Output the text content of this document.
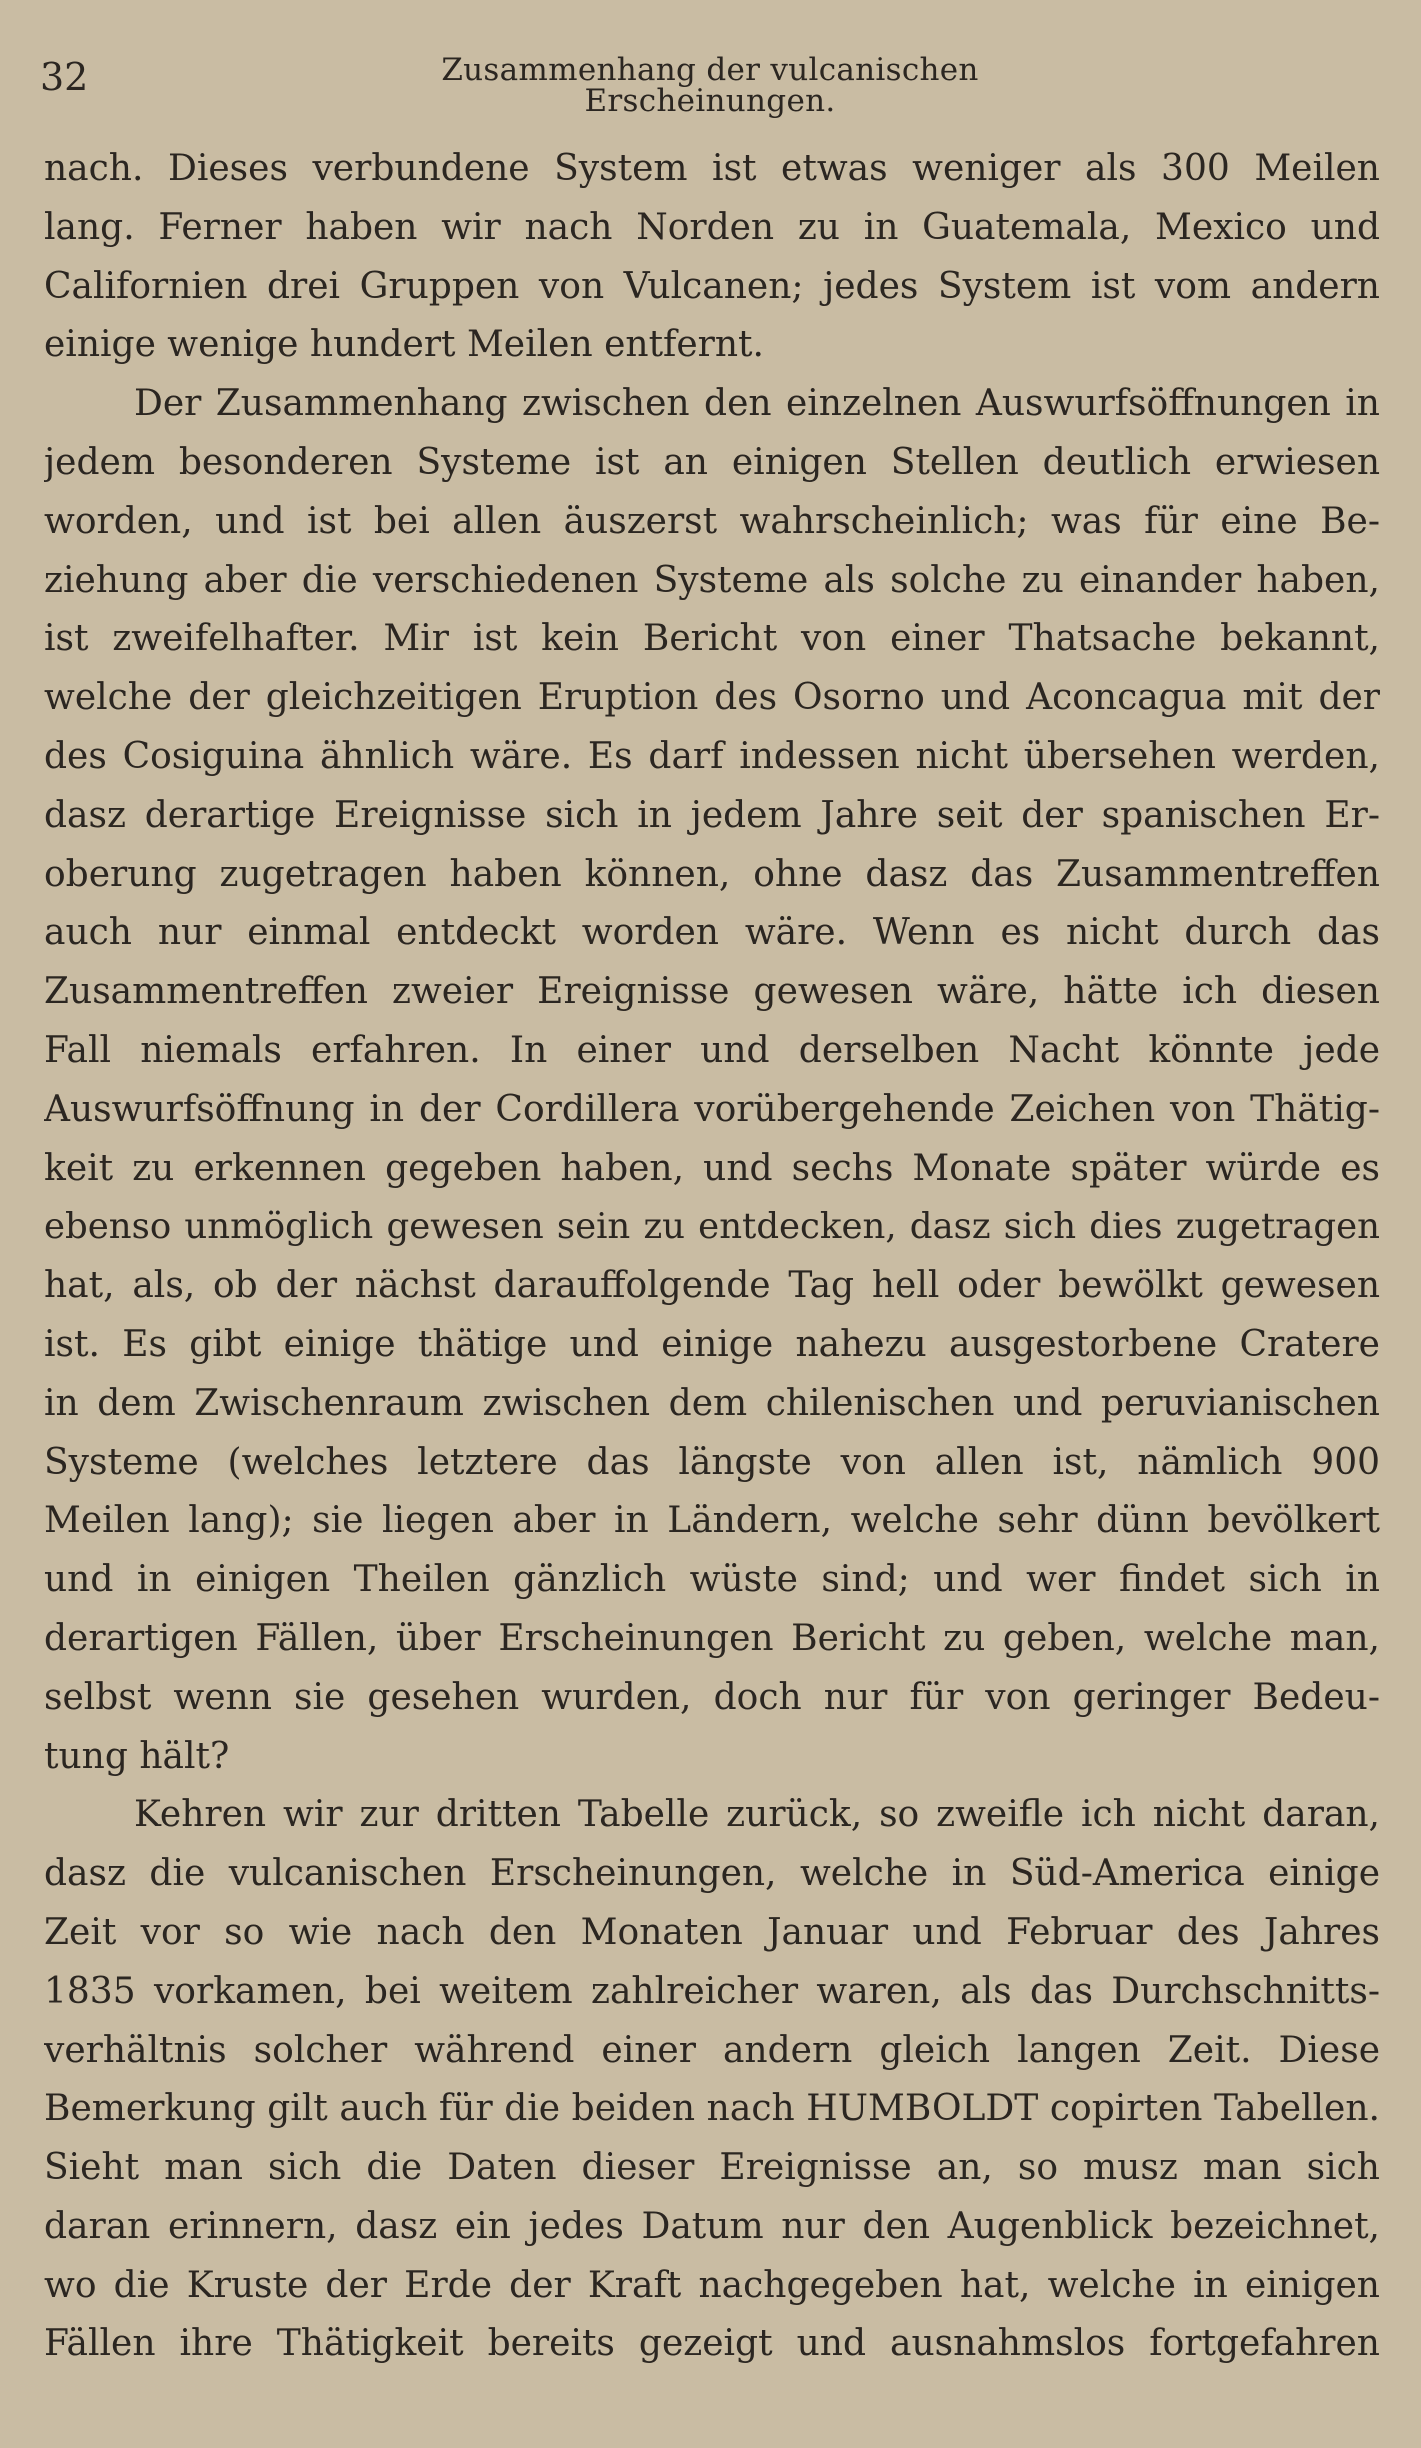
32	Zusammenhang der vulcanischen Erscheinungen.
nach. Dieses verbundene System ist etwas weniger als 300 Meilen
lang. Ferner haben wir nach Norden zu in Guatemala, Mexico und
Californien drei Gruppen von Vulcanen; jedes System ist vom andern
einige wenige hundert Meilen entfernt.
Der Zusammenhang zwischen den einzelnen Auswurfsöffnungen in
jedem besonderen Systeme ist an einigen Stellen deutlich erwiesen
worden, und ist bei allen äuszerst wahrscheinlich; was für eine Be-
ziehung aber die verschiedenen Systeme als solche zu einander haben,
ist zweifelhafter. Mir ist kein Bericht von einer Thatsache bekannt,
welche der gleichzeitigen Eruption des Osorno und Aconcagua mit der
des Cosiguina ähnlich wäre. Es darf indessen nicht übersehen werden,
dasz derartige Ereignisse sich in jedem Jahre seit der spanischen Er-
oberung zugetragen haben können, ohne dasz das Zusammentreffen
auch nur einmal entdeckt worden wäre. Wenn es nicht durch das
Zusammentreffen zweier Ereignisse gewesen wäre, hätte ich diesen
Fall niemals erfahren. In einer und derselben Nacht könnte jede
Auswurfsöffnung in der Cordillera vorübergehende Zeichen von Thätig-
keit zu erkennen gegeben haben, und sechs Monate später würde es
ebenso unmöglich gewesen sein zu entdecken, dasz sich dies zugetragen
hat, als, ob der nächst darauffolgende Tag hell oder bewölkt gewesen
ist. Es gibt einige thätige und einige nahezu ausgestorbene Cratere
in dem Zwischenraum zwischen dem chilenischen und peruvianischen
Systeme (welches letztere das längste von allen ist, nämlich 900
Meilen lang); sie liegen aber in Ländern, welche sehr dünn bevölkert
und in einigen Theilen gänzlich wüste sind; und wer findet sich in
derartigen Fällen, über Erscheinungen Bericht zu geben, welche man,
selbst wenn sie gesehen wurden, doch nur für von geringer Bedeu-
tung hält?
Kehren wir zur dritten Tabelle zurück, so zweifle ich nicht daran,
dasz die vulcanischen Erscheinungen, welche in Süd-America einige
Zeit vor so wie nach den Monaten Januar und Februar des Jahres
1835 vorkamen, bei weitem zahlreicher waren, als das Durchschnitts-
verhältnis solcher während einer andern gleich langen Zeit. Diese
Bemerkung gilt auch für die beiden nach HUMBOLDT copirten Tabellen.
Sieht man sich die Daten dieser Ereignisse an, so musz man sich
daran erinnern, dasz ein jedes Datum nur den Augenblick bezeichnet,
wo die Kruste der Erde der Kraft nachgegeben hat, welche in einigen
Fällen ihre Thätigkeit bereits gezeigt und ausnahmslos fortgefahren
